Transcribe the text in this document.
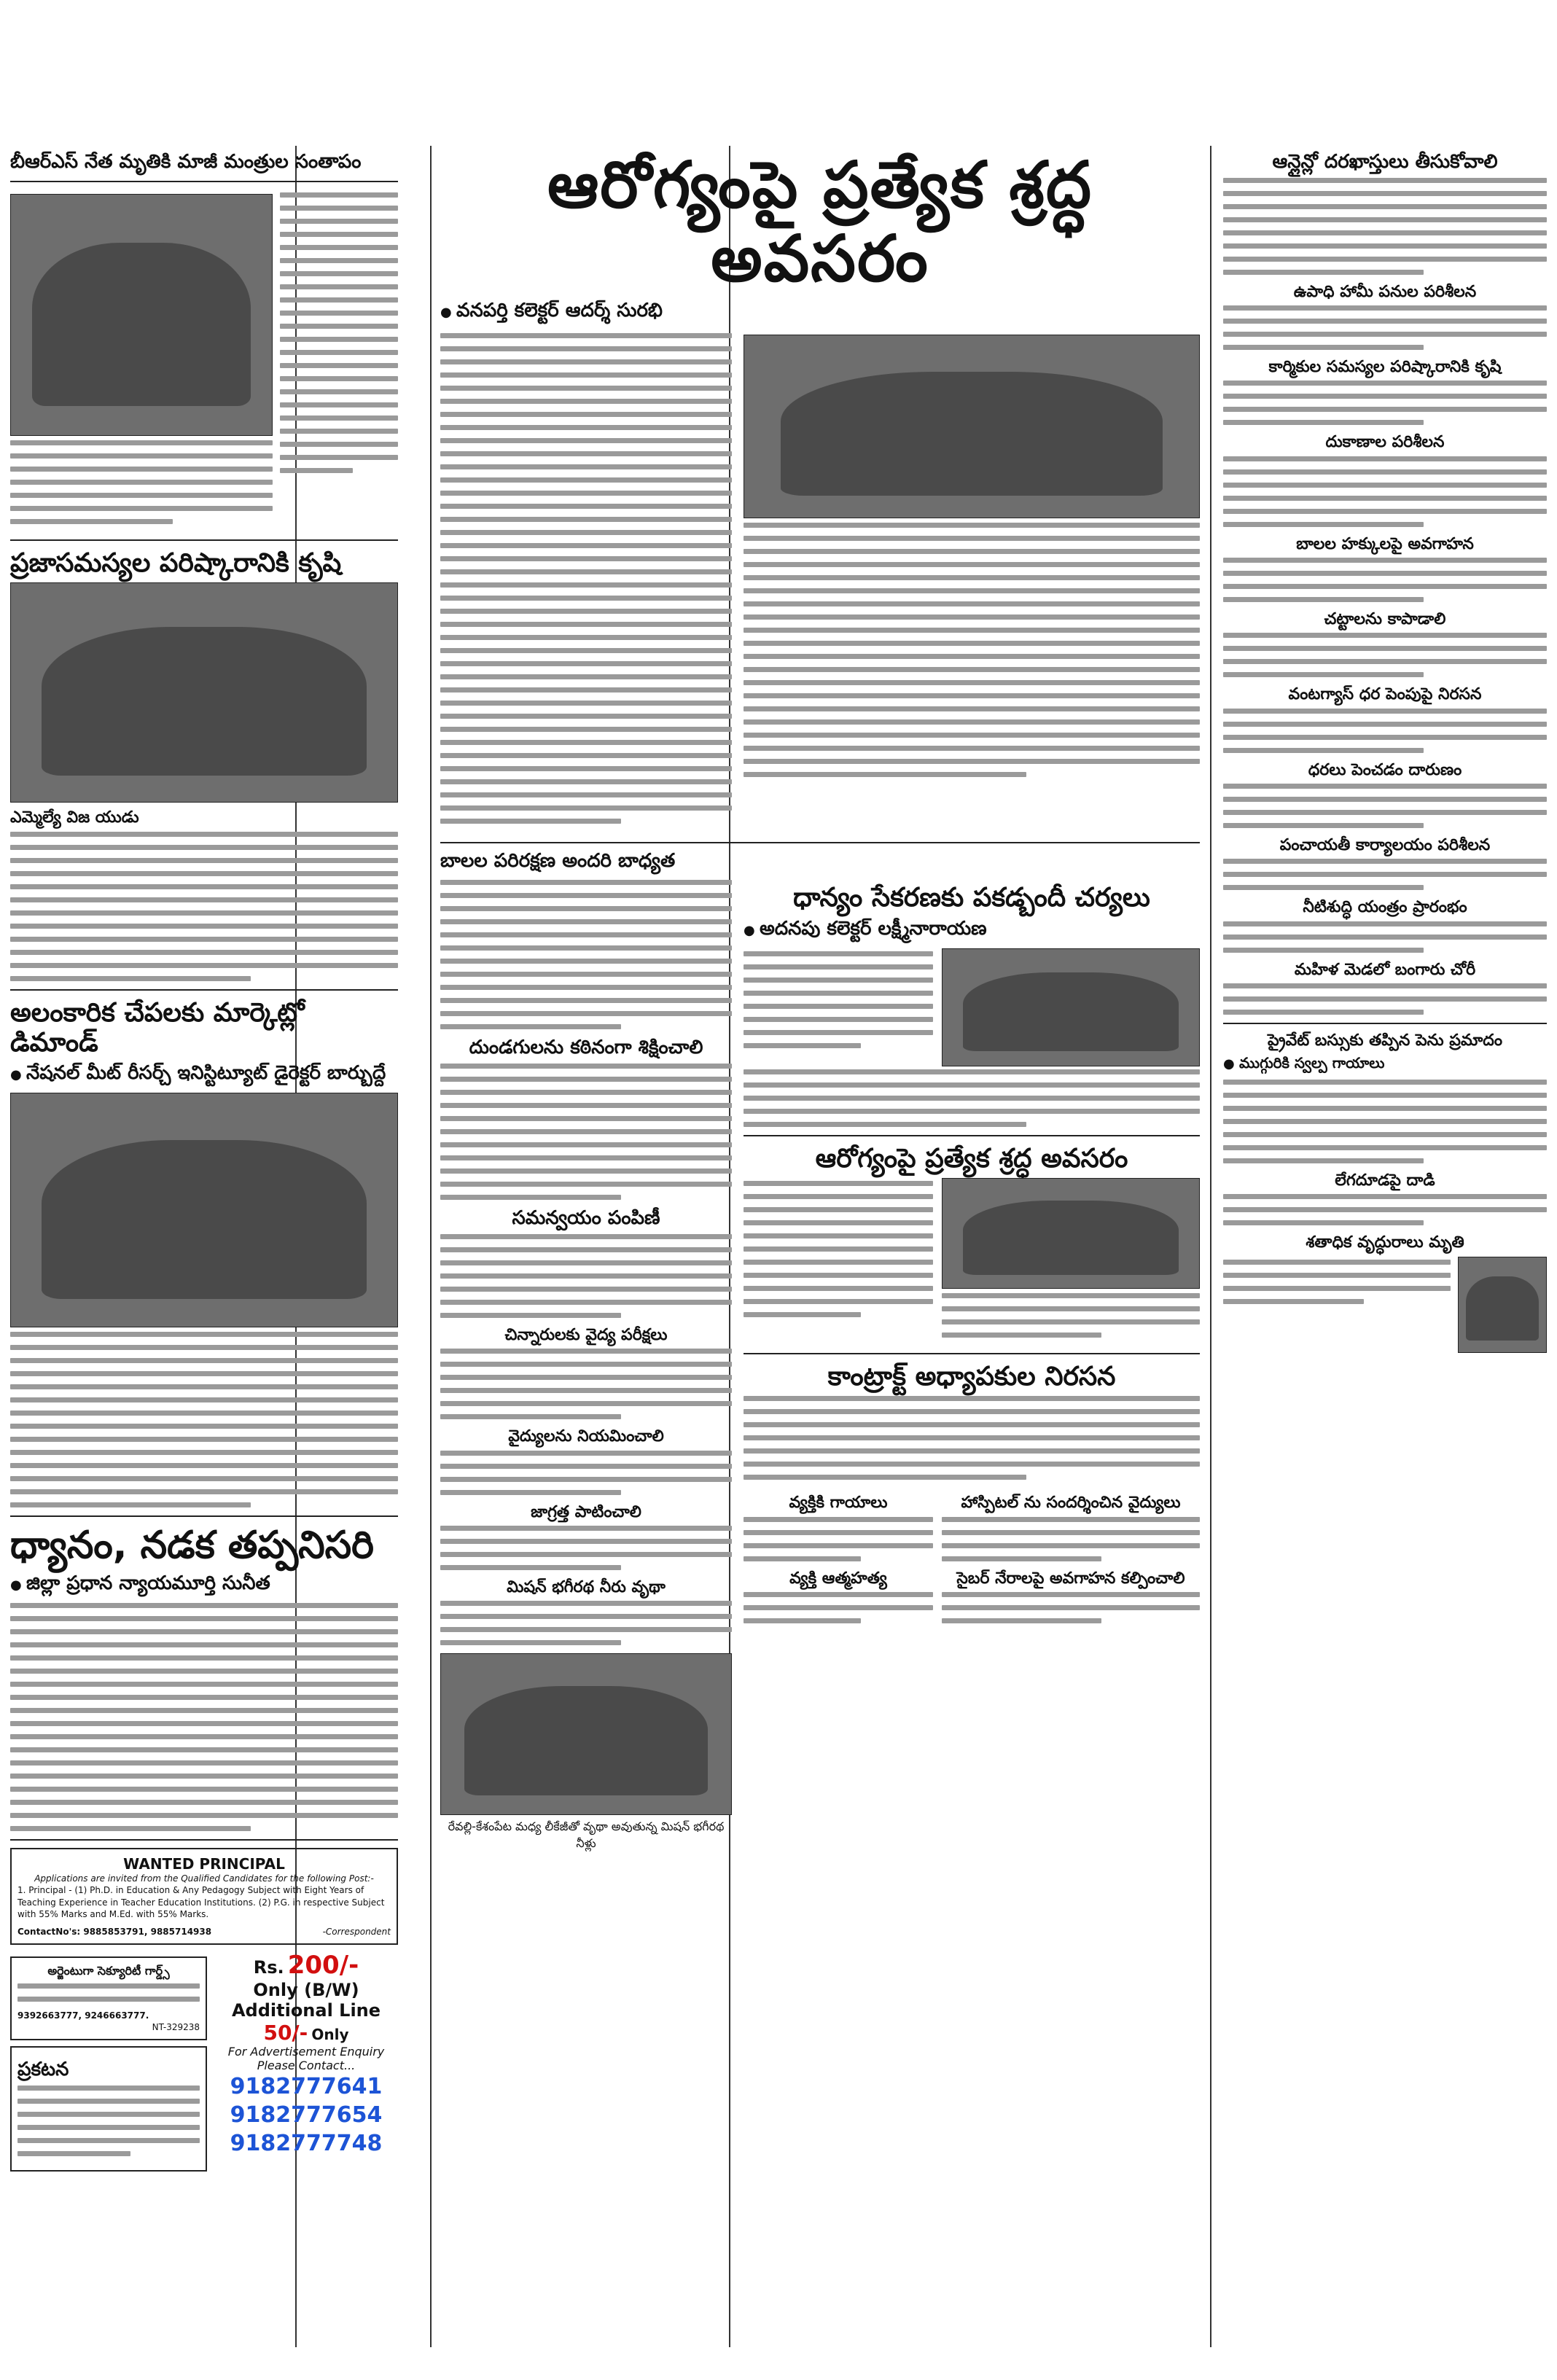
బీఆర్ఎస్ నేత మృతికి మాజీ మంత్రుల సంతాపం
ప్రజాసమస్యల పరిష్కారానికి కృషి
ఎమ్మెల్యే విజ యుడు
అలంకారిక చేపలకు మార్కెట్లో డిమాండ్
● నేషనల్ మీట్ రీసర్చ్ ఇనిస్టిట్యూట్ డైరెక్టర్ బార్బుద్దే
ధ్యానం, నడక తప్పనిసరి
● జిల్లా ప్రధాన న్యాయమూర్తి సునీత
WANTED PRINCIPAL
Applications are invited from the Qualified Candidates for the following Post:-
1. Principal - (1) Ph.D. in Education & Any Pedagogy Subject with Eight Years of Teaching Experience in Teacher Education Institutions. (2) P.G. in respective Subject with 55% Marks and M.Ed. with 55% Marks.
ContactNo's: 9885853791, 9885714938	-Correspondent
అర్జెంటుగా సెక్యూరిటీ గార్డ్స్
9392663777, 9246663777.
NT-329238
ప్రకటన
Rs. 200/-
Only (B/W)
Additional Line
50/- Only
For Advertisement Enquiry
Please Contact...
9182777641
9182777654
9182777748
ఆరోగ్యంపై ప్రత్యేక శ్రద్ధ అవసరం
● వనపర్తి కలెక్టర్ ఆదర్శ్ సురభి
బాలల పరిరక్షణ అందరి బాధ్యత
దుండగులను కఠినంగా శిక్షించాలి
సమన్వయం పంపిణీ
చిన్నారులకు వైద్య పరీక్షలు
వైద్యులను నియమించాలి
జాగ్రత్త పాటించాలి
మిషన్ భగీరథ నీరు వృథా
రేవల్లి-కేశంపేట మధ్య లీకేజీతో వృథా అవుతున్న మిషన్ భగీరథ నీళ్లు
ధాన్యం సేకరణకు పకడ్బందీ చర్యలు
● అదనపు కలెక్టర్ లక్ష్మీనారాయణ
ఆరోగ్యంపై ప్రత్యేక శ్రద్ధ అవసరం
కాంట్రాక్ట్ అధ్యాపకుల నిరసన
వ్యక్తికి గాయాలు
వ్యక్తి ఆత్మహత్య
హాస్పిటల్ ను సందర్శించిన వైద్యులు
సైబర్ నేరాలపై అవగాహన కల్పించాలి
ఆన్లైన్లో దరఖాస్తులు తీసుకోవాలి
ఉపాధి హామీ పనుల పరిశీలన
కార్మికుల సమస్యల పరిష్కారానికి కృషి
దుకాణాల పరిశీలన
బాలల హక్కులపై అవగాహన
చట్టాలను కాపాడాలి
వంటగ్యాస్ ధర పెంపుపై నిరసన
ధరలు పెంచడం దారుణం
పంచాయతీ కార్యాలయం పరిశీలన
నీటిశుద్ధి యంత్రం ప్రారంభం
మహిళ మెడలో బంగారు చోరీ
ప్రైవేట్ బస్సుకు తప్పిన పెను ప్రమాదం
● ముగ్గురికి స్వల్ప గాయాలు
లేగదూడపై దాడి
శతాధిక వృద్ధురాలు మృతి
